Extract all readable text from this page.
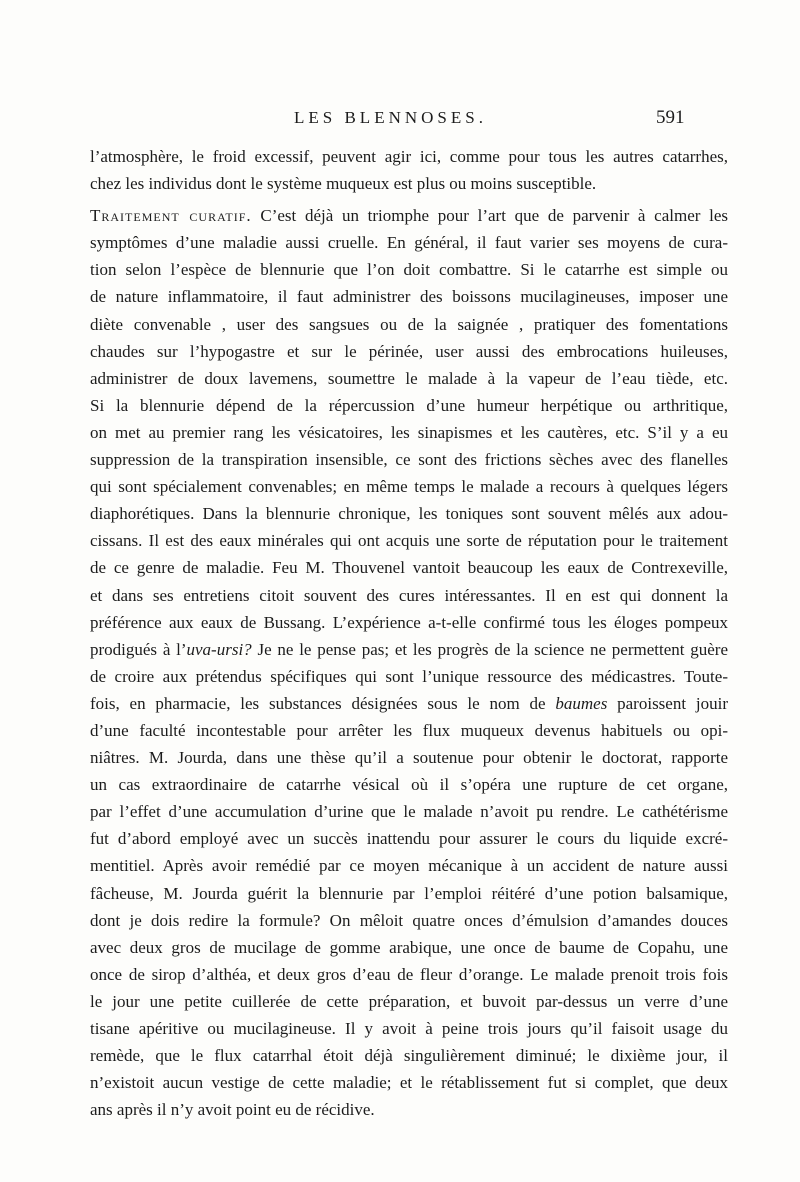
LES BLENNOSES.	591
l’atmosphère, le froid excessif, peuvent agir ici, comme pour tous les autres catarrhes,
chez les individus dont le système muqueux est plus ou moins susceptible.
Traitement curatif. C’est déjà un triomphe pour l’art que de parvenir à calmer les
symptômes d’une maladie aussi cruelle. En général, il faut varier ses moyens de cura-
tion selon l’espèce de blennurie que l’on doit combattre. Si le catarrhe est simple ou
de nature inflammatoire, il faut administrer des boissons mucilagineuses, imposer une
diète convenable , user des sangsues ou de la saignée , pratiquer des fomentations
chaudes sur l’hypogastre et sur le périnée, user aussi des embrocations huileuses,
administrer de doux lavemens, soumettre le malade à la vapeur de l’eau tiède, etc.
Si la blennurie dépend de la répercussion d’une humeur herpétique ou arthritique,
on met au premier rang les vésicatoires, les sinapismes et les cautères, etc. S’il y a eu
suppression de la transpiration insensible, ce sont des frictions sèches avec des flanelles
qui sont spécialement convenables; en même temps le malade a recours à quelques légers
diaphorétiques. Dans la blennurie chronique, les toniques sont souvent mêlés aux adou-
cissans. Il est des eaux minérales qui ont acquis une sorte de réputation pour le traitement
de ce genre de maladie. Feu M. Thouvenel vantoit beaucoup les eaux de Contrexeville,
et dans ses entretiens citoit souvent des cures intéressantes. Il en est qui donnent la
préférence aux eaux de Bussang. L’expérience a-t-elle confirmé tous les éloges pompeux
prodigués à l’uva-ursi? Je ne le pense pas; et les progrès de la science ne permettent guère
de croire aux prétendus spécifiques qui sont l’unique ressource des médicastres. Toute-
fois, en pharmacie, les substances désignées sous le nom de baumes paroissent jouir
d’une faculté incontestable pour arrêter les flux muqueux devenus habituels ou opi-
niâtres. M. Jourda, dans une thèse qu’il a soutenue pour obtenir le doctorat, rapporte
un cas extraordinaire de catarrhe vésical où il s’opéra une rupture de cet organe,
par l’effet d’une accumulation d’urine que le malade n’avoit pu rendre. Le cathétérisme
fut d’abord employé avec un succès inattendu pour assurer le cours du liquide excré-
mentitiel. Après avoir remédié par ce moyen mécanique à un accident de nature aussi
fâcheuse, M. Jourda guérit la blennurie par l’emploi réitéré d’une potion balsamique,
dont je dois redire la formule? On mêloit quatre onces d’émulsion d’amandes douces
avec deux gros de mucilage de gomme arabique, une once de baume de Copahu, une
once de sirop d’althéa, et deux gros d’eau de fleur d’orange. Le malade prenoit trois fois
le jour une petite cuillerée de cette préparation, et buvoit par-dessus un verre d’une
tisane apéritive ou mucilagineuse. Il y avoit à peine trois jours qu’il faisoit usage du
remède, que le flux catarrhal étoit déjà singulièrement diminué; le dixième jour, il
n’existoit aucun vestige de cette maladie; et le rétablissement fut si complet, que deux
ans après il n’y avoit point eu de récidive.
